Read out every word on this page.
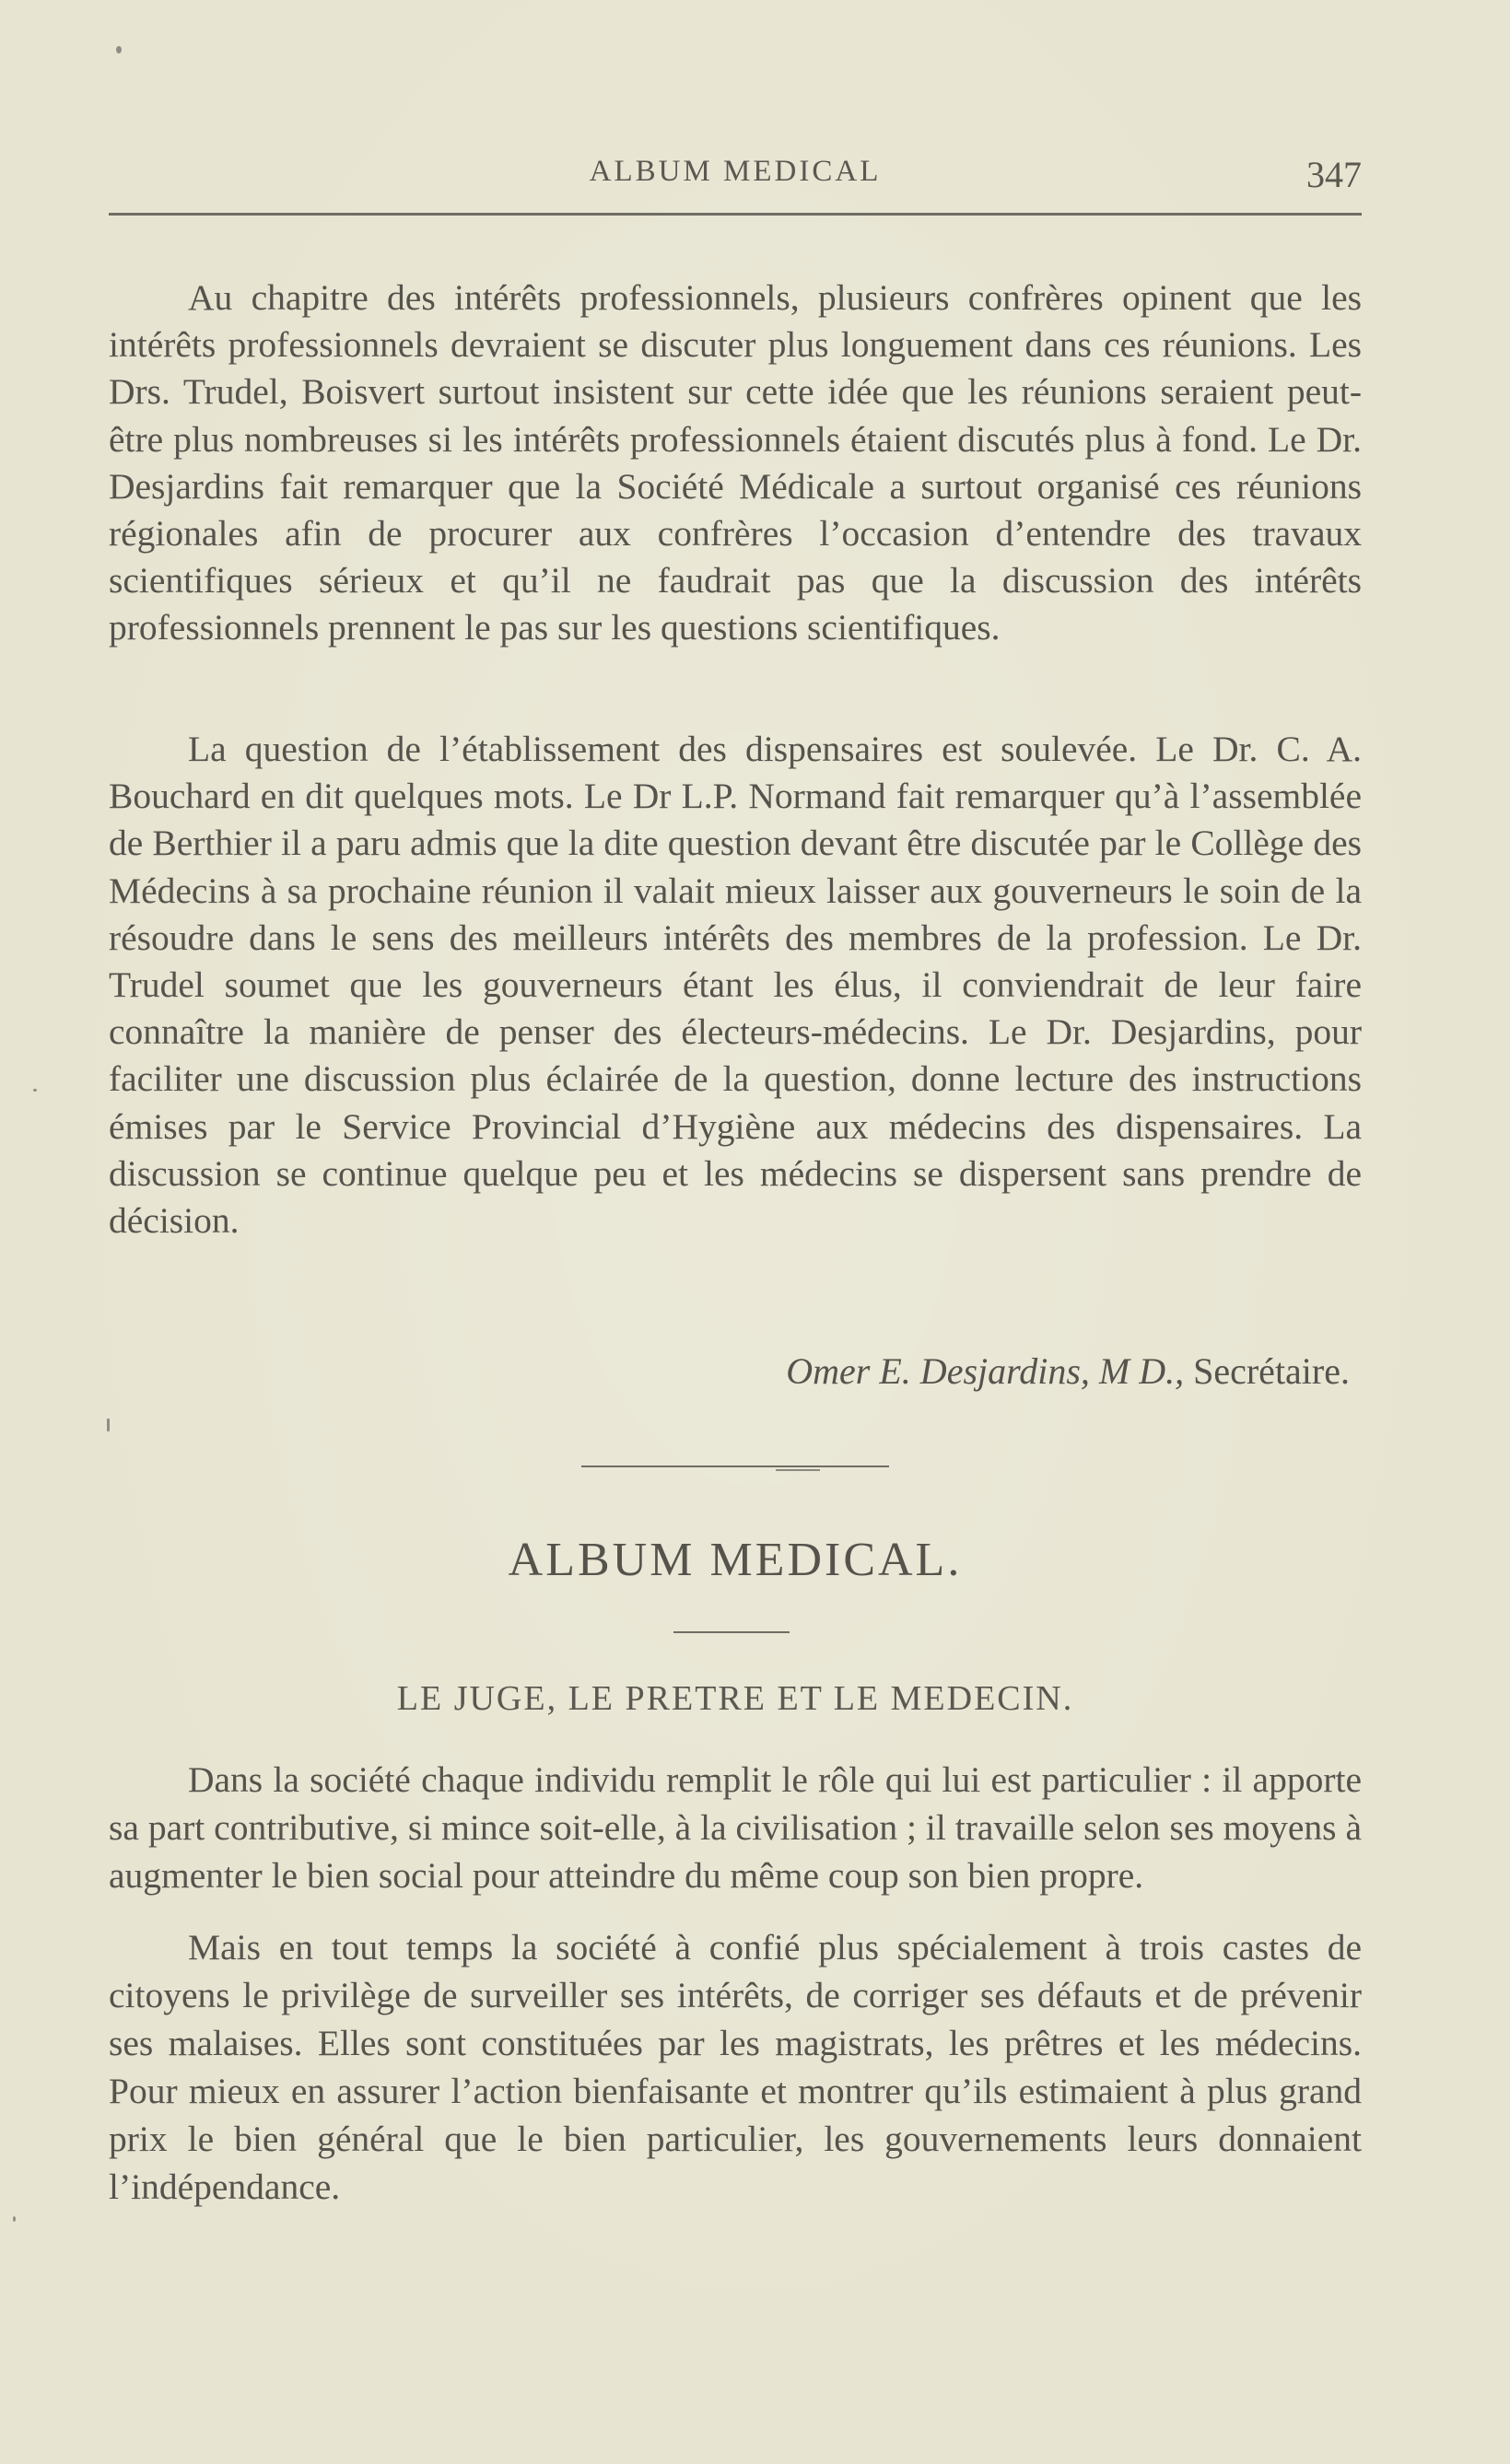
ALBUM MEDICAL	347

Au chapitre des intérêts professionnels, plusieurs confrères opinent que les intérêts professionnels devraient se discuter plus longuement dans ces réunions. Les Drs. Trudel, Boisvert surtout insistent sur cette idée que les réunions seraient peut-être plus nombreuses si les intérêts professionnels étaient discutés plus à fond. Le Dr. Desjardins fait remarquer que la Société Médicale a surtout organisé ces réunions régionales afin de procurer aux confrères l’occasion d’entendre des travaux scientifiques sérieux et qu’il ne faudrait pas que la discussion des intérêts professionnels prennent le pas sur les questions scientifiques.

La question de l’établissement des dispensaires est soulevée. Le Dr. C. A. Bouchard en dit quelques mots. Le Dr L.P. Normand fait remarquer qu’à l’assemblée de Berthier il a paru admis que la dite question devant être discutée par le Collège des Médecins à sa prochaine réunion il valait mieux laisser aux gouverneurs le soin de la résoudre dans le sens des meilleurs intérêts des membres de la profession. Le Dr. Trudel soumet que les gouverneurs étant les élus, il conviendrait de leur faire connaître la manière de penser des électeurs-médecins. Le Dr. Desjardins, pour faciliter une discussion plus éclairée de la question, donne lecture des instructions émises par le Service Provincial d’Hygiène aux médecins des dispensaires. La discussion se continue quelque peu et les médecins se dispersent sans prendre de décision.

Omer E. Desjardins, M D., Secrétaire.
ALBUM MEDICAL.
LE JUGE, LE PRETRE ET LE MEDECIN.

Dans la société chaque individu remplit le rôle qui lui est particulier : il apporte sa part contributive, si mince soit-elle, à la civilisation ; il travaille selon ses moyens à augmenter le bien social pour atteindre du même coup son bien propre.

Mais en tout temps la société à confié plus spécialement à trois castes de citoyens le privilège de surveiller ses intérêts, de corriger ses défauts et de prévenir ses malaises. Elles sont constituées par les magistrats, les prêtres et les médecins. Pour mieux en assurer l’action bienfaisante et montrer qu’ils estimaient à plus grand prix le bien général que le bien particulier, les gouvernements leurs donnaient l’indépendance.
